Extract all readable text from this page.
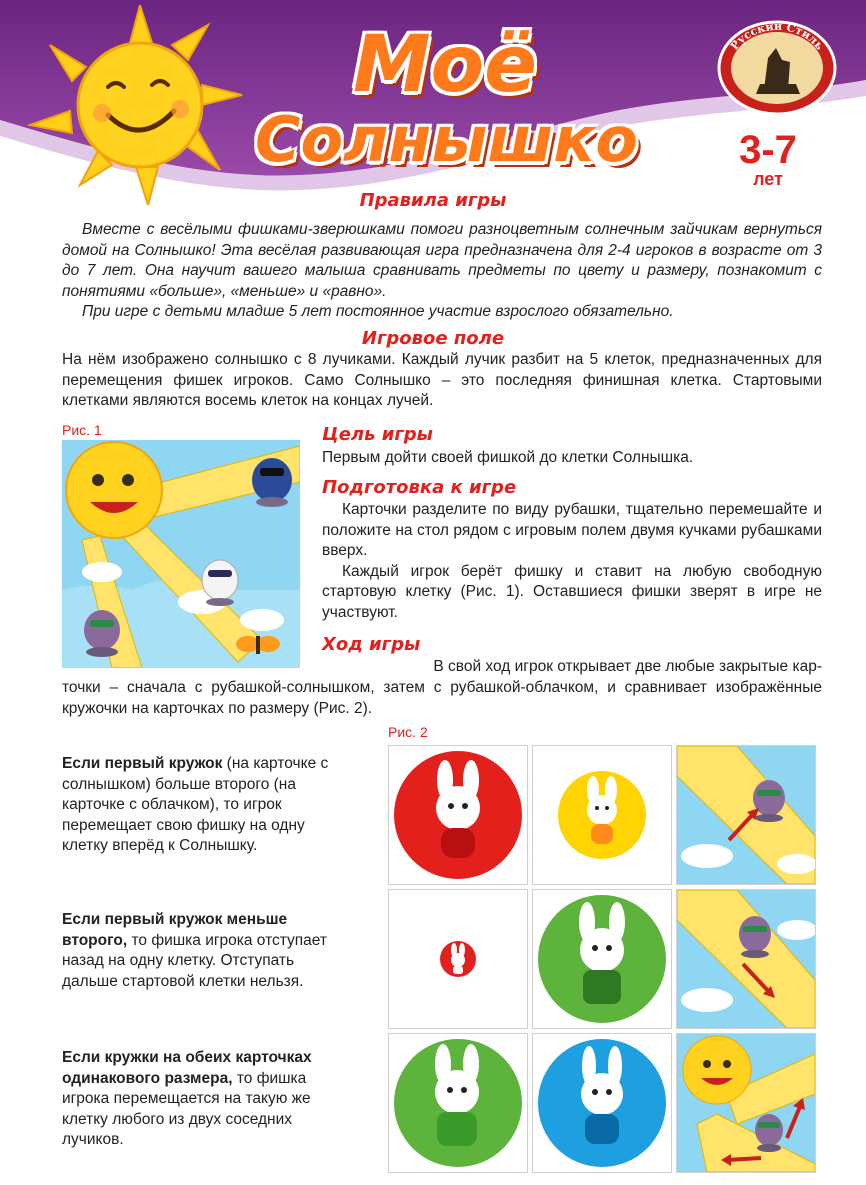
Моё
Солнышко
Русский Стиль
3-7
лет
Правила игры

Вместе с весёлыми фишками-зверюшками помоги разноцветным солнечным зайчикам вернуться домой на Солнышко! Эта весёлая развивающая игра предназначена для 2-4 игроков в возрасте от 3 до 7 лет. Она научит вашего малыша сравнивать предметы по цвету и размеру, познакомит с понятиями «больше», «меньше» и «равно».

При игре с детьми младше 5 лет постоянное участие взрослого обязательно.

Игровое поле

На нём изображено солнышко с 8 лучиками. Каждый лучик разбит на 5 клеток, предназначенных для перемещения фишек игроков. Само Солнышко – это последняя финишная клетка. Стартовыми клетками являются восемь клеток на концах лучей.

Рис. 1	Цель игры

Первым дойти своей фишкой до клетки Солнышка.

Подготовка к игре

Карточки разделите по виду рубашки, тщательно перемешайте и положите на стол рядом с игровым полем двумя кучками рубашками вверх.

Каждый игрок берёт фишку и ставит на любую свободную стартовую клетку (Рис. 1). Оставшиеся фишки зверят в игре не участвуют.

Ход игры

В свой ход игрок открывает две любые закрытые кар-

точки – сначала с рубашкой-солнышком, затем с рубашкой-облачком, и сравнивает изображённые кружочки на карточках по размеру (Рис. 2).

Рис. 2
Если первый кружок (на карточке с солнышком) больше второго (на карточке с облачком), то игрок перемещает свою фишку на одну клетку вперёд к Солнышку.
Если первый кружок меньше второго, то фишка игрока отступает назад на одну клетку. Отступать дальше стартовой клетки нельзя.
Если кружки на обеих карточках одинакового размера, то фишка игрока перемещается на такую же клетку любого из двух соседних лучиков.
